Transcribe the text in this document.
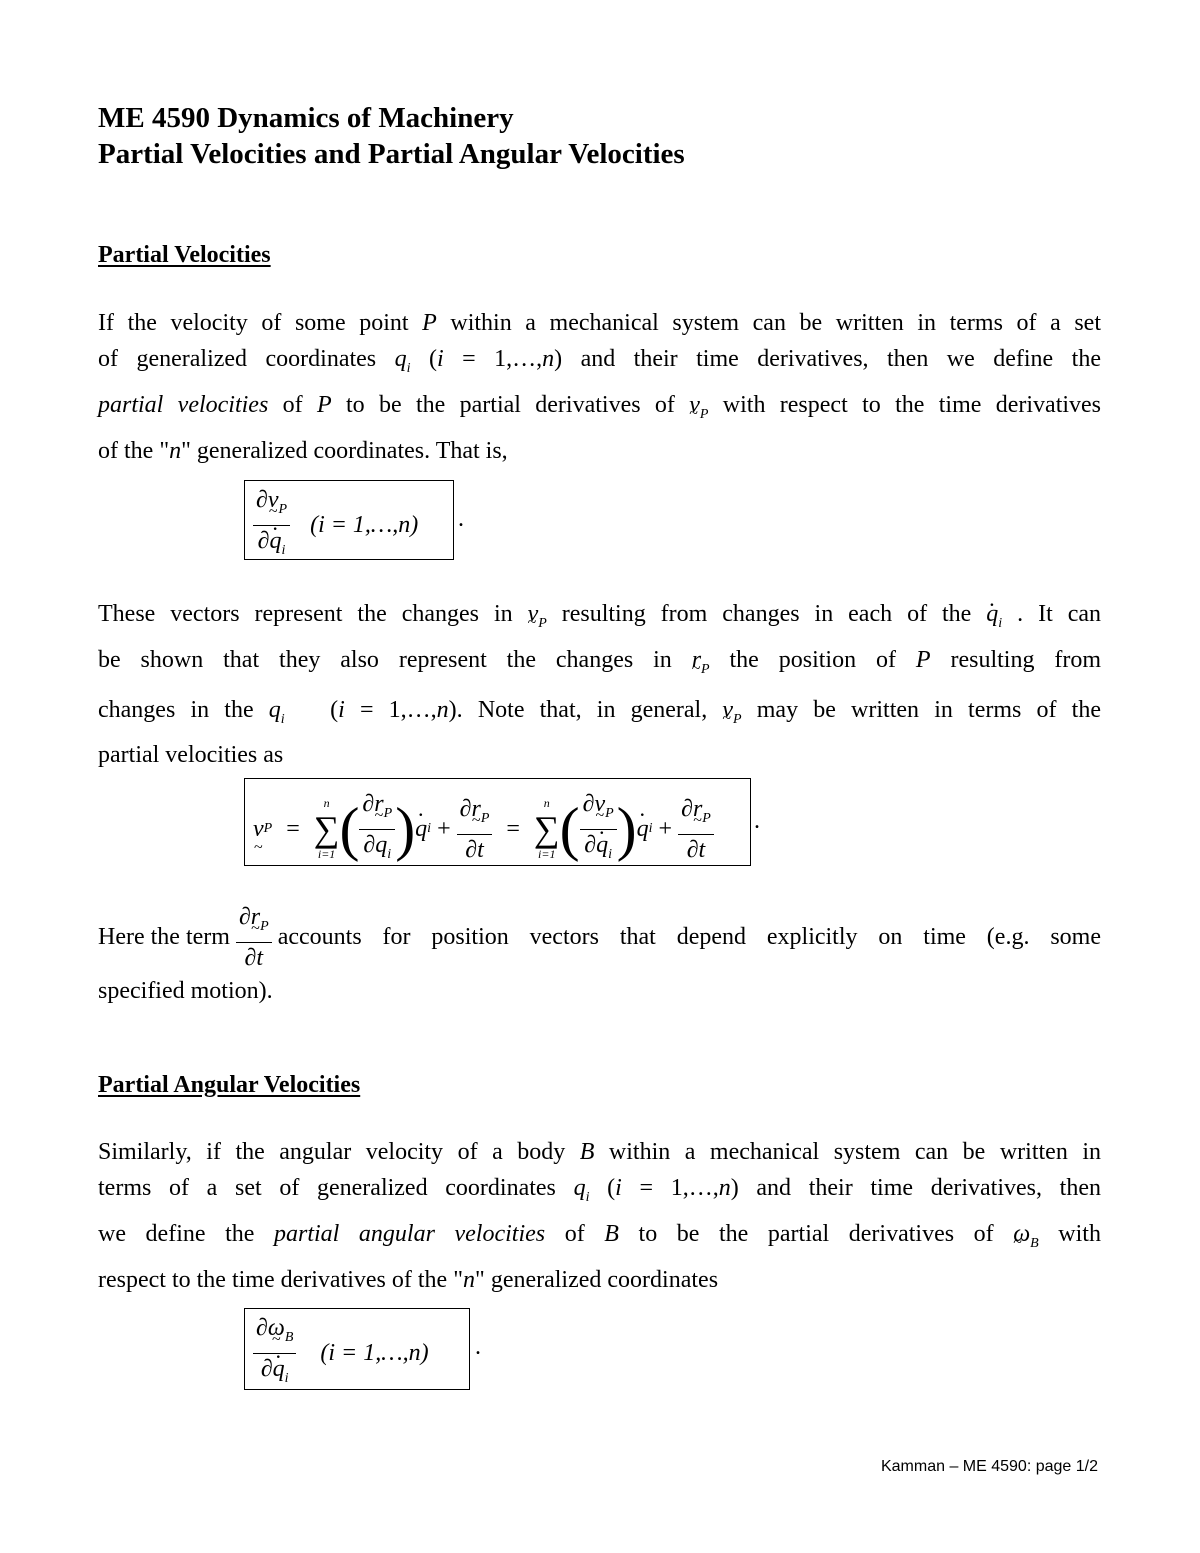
ME 4590 Dynamics of Machinery
Partial Velocities and Partial Angular Velocities
Partial Velocities
If the velocity of some point P within a mechanical system can be written in terms of a set
of generalized coordinates $q_i$ (i = 1,…,n) and their time derivatives, then we define the
partial velocities of P to be the partial derivatives of v $\sim_P$ with respect to the time derivatives
of the "n" generalized coordinates. That is,
$\frac{\partial v \sim_P}{\partial\cdot q_i} (i$ = 1,…,n) .
These vectors represent the changes in v $\sim_P$ resulting from changes in each of the · $q_i$ . It can
be shown that they also represent the changes in r $\sim_P$ the position of P resulting from
changes in the $q_i$   (i = 1,…,n). Note that, in general, v $\sim_P$ may be written in terms of the
partial velocities as
v ~ P =
n
∑
i=1 ( $\frac{\partial r \sim_P}{\partial q_i}$ ) · q $i + \frac{\partial r \sim_P}{\partial t}$ =
n
∑
i=1 ( $\frac{\partial v \sim_P}{\partial\cdot q_i}$ ) · q $i + \frac{\partial r \sim_P}{\partial t}$ .
Here the term $\frac{\partial r \sim_P}{\partial t}$ accounts for position vectors that depend explicitly on time (e.g. some
specified motion).
Partial Angular Velocities
Similarly, if the angular velocity of a body B within a mechanical system can be written in
terms of a set of generalized coordinates $q_i$ (i = 1,…,n) and their time derivatives, then
we define the partial angular velocities of B to be the partial derivatives of ω $\sim_B$ with
respect to the time derivatives of the "n" generalized coordinates
$\frac{\partial\omega \sim_B}{\partial\cdot q_i} (i$ = 1,…,n) .
Kamman – ME 4590: page 1/2
